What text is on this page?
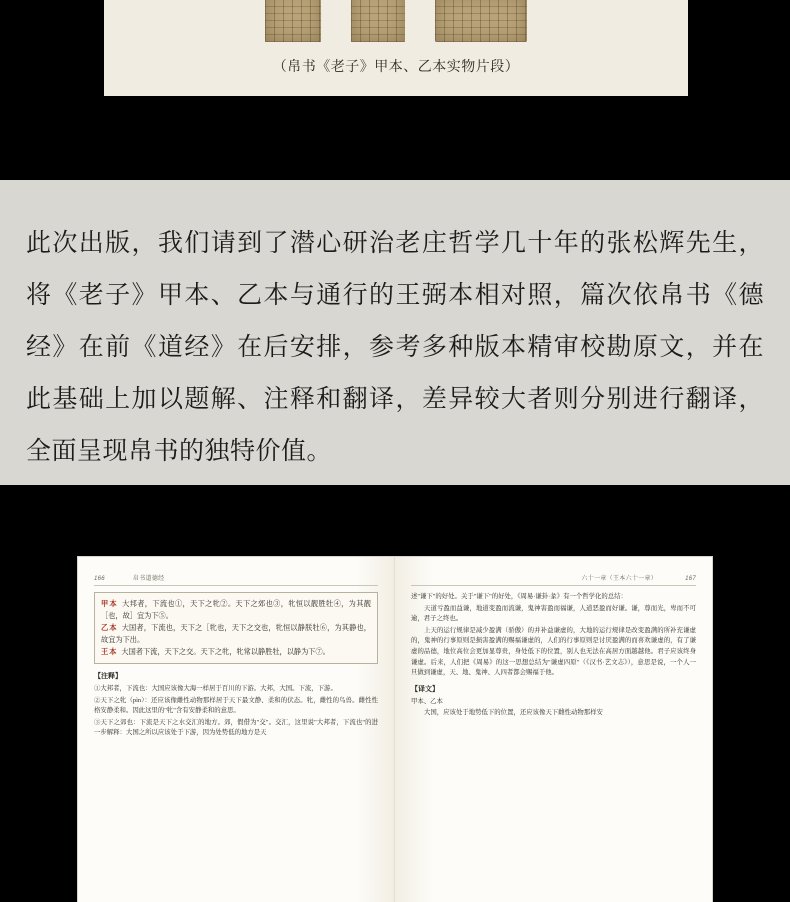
（帛书《老子》甲本、乙本实物片段）
此次出版，我们请到了潜心研治老庄哲学几十年的张松辉先生，将《老子》甲本、乙本与通行的王弼本相对照，篇次依帛书《德经》在前《道经》在后安排，参考多种版本精审校勘原文，并在此基础上加以题解、注释和翻译，差异较大者则分别进行翻译，全面呈现帛书的独特价值。
166	帛书道德经
甲本 大邦者，下流也①，天下之牝②。天下之郊也③，牝恒以靓胜牡④，为其靓［也，故］宜为下⑤。
乙本 大国者，下流也，天下之［牝也，天下之交也，牝恒以静朕牡⑥，为其静也，故宜为下出。
王本 大国者下流，天下之交。天下之牝，牝常以静胜牡，以静为下⑦。
【注释】
①大邦者，下流也：大国应该像大海一样居于百川的下游。大邦，大国。下流，下游。
②天下之牝（pìn）：还应该像雌性动物那样居于天下最文静、柔和的伏态。牝，雌性的鸟兽。雌性性格安静柔和。因此这里的"牝"含有安静柔和的意思。
③天下之郊也：下流是天下之水交汇的地方。郊，假借为"交"。交汇，这里说"大邦者，下流也"的进一步解释：大国之所以应该处于下游，因为处势低的地方是天
六十一章（王本六十一章）	167
述"谦下"的好处。关于"谦下"的好处，《周易·谦卦·彖》有一个哲学化的总结：
天道亏盈而益谦，地道变盈而流谦，鬼神害盈而福谦，人道恶盈而好谦。谦，尊而光，卑而不可逾，君子之终也。
上天的运行规律是减少盈满（骄傲）的并补益谦虚的，大地的运行规律是改变盈满的所补充谦虚的，鬼神的行事原则是损害盈满的赐福谦虚的，人们的行事原则是讨厌盈满的而喜欢谦虚的，有了谦虚的品德，地位高位会更加显尊贵，身处低下的位置，别人也无法在高居方面越越他。君子应该终身谦虚。后来，人们把《周易》的这一思想总结为"谦虚四原"（《汉书·艺文志》），意思是说，一个人一旦做到谦虚，天、地、鬼神、人四者都会赐福于他。
【译文】
甲本、乙本
大国，应该处于地势低下的位置，还应该像天下雌性动物那样安
